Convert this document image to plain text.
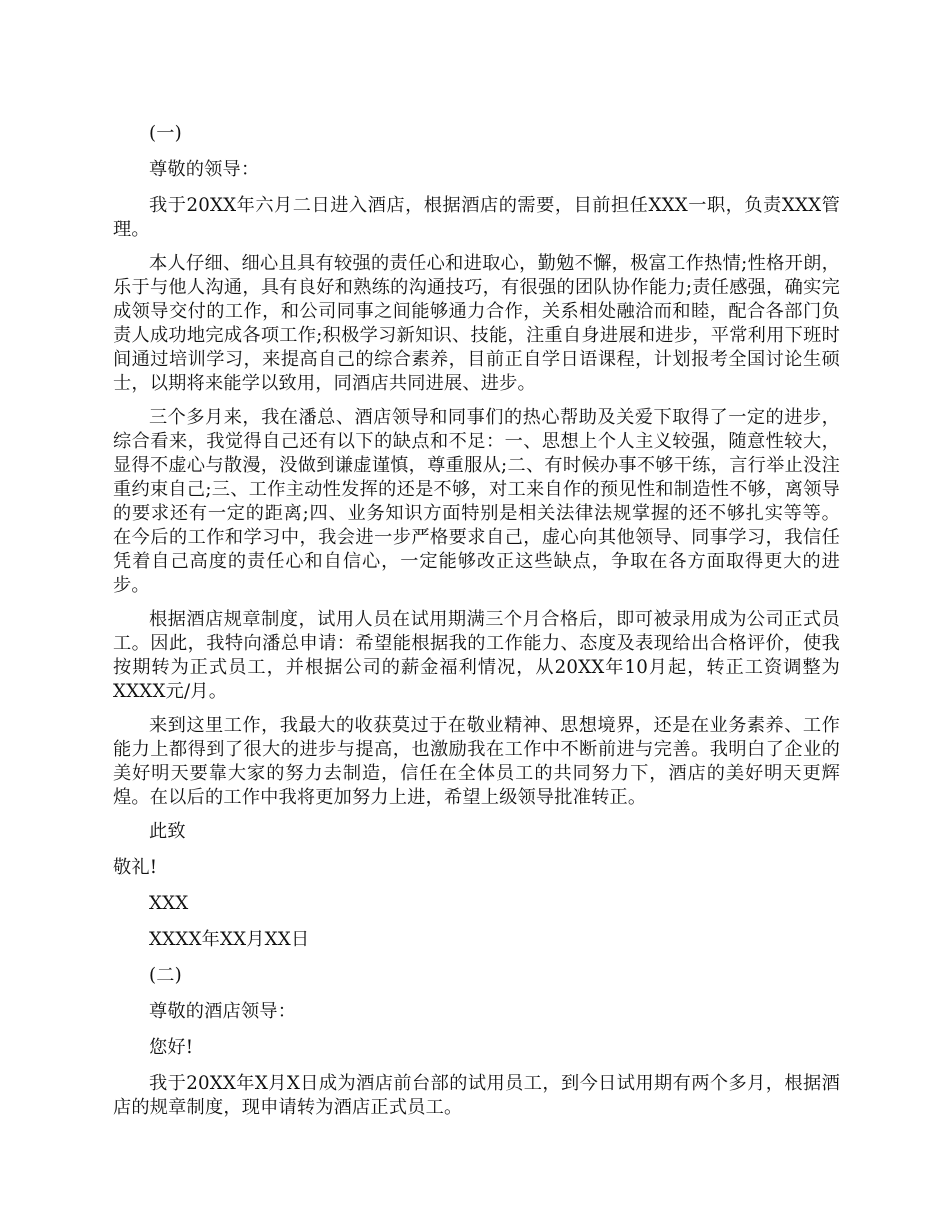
(一)

尊敬的领导：

我于20XX年六月二日进入酒店，根据酒店的需要，目前担任XXX一职，负责XXX管理。

本人仔细、细心且具有较强的责任心和进取心，勤勉不懈，极富工作热情;性格开朗，乐于与他人沟通，具有良好和熟练的沟通技巧，有很强的团队协作能力;责任感强，确实完成领导交付的工作，和公司同事之间能够通力合作，关系相处融洽而和睦，配合各部门负责人成功地完成各项工作;积极学习新知识、技能，注重自身进展和进步，平常利用下班时间通过培训学习，来提高自己的综合素养，目前正自学日语课程，计划报考全国讨论生硕士，以期将来能学以致用，同酒店共同进展、进步。

三个多月来，我在潘总、酒店领导和同事们的热心帮助及关爱下取得了一定的进步，综合看来，我觉得自己还有以下的缺点和不足：一、思想上个人主义较强，随意性较大，显得不虚心与散漫，没做到谦虚谨慎，尊重服从;二、有时候办事不够干练，言行举止没注重约束自己;三、工作主动性发挥的还是不够，对工来自作的预见性和制造性不够，离领导的要求还有一定的距离;四、业务知识方面特别是相关法律法规掌握的还不够扎实等等。 在今后的工作和学习中，我会进一步严格要求自己，虚心向其他领导、同事学习，我信任凭着自己高度的责任心和自信心，一定能够改正这些缺点，争取在各方面取得更大的进步。

根据酒店规章制度，试用人员在试用期满三个月合格后，即可被录用成为公司正式员工。因此，我特向潘总申请：希望能根据我的工作能力、态度及表现给出合格评价，使我按期转为正式员工，并根据公司的薪金福利情况，从20XX年10月起，转正工资调整为XXXX元/月。

来到这里工作，我最大的收获莫过于在敬业精神、思想境界，还是在业务素养、工作能力上都得到了很大的进步与提高，也激励我在工作中不断前进与完善。我明白了企业的美好明天要靠大家的努力去制造，信任在全体员工的共同努力下，酒店的美好明天更辉煌。在以后的工作中我将更加努力上进，希望上级领导批准转正。

此致

敬礼!

XXX

XXXX年XX月XX日

(二)

尊敬的酒店领导：

您好!

我于20XX年X月X日成为酒店前台部的试用员工，到今日试用期有两个多月，根据酒店的规章制度，现申请转为酒店正式员工。
